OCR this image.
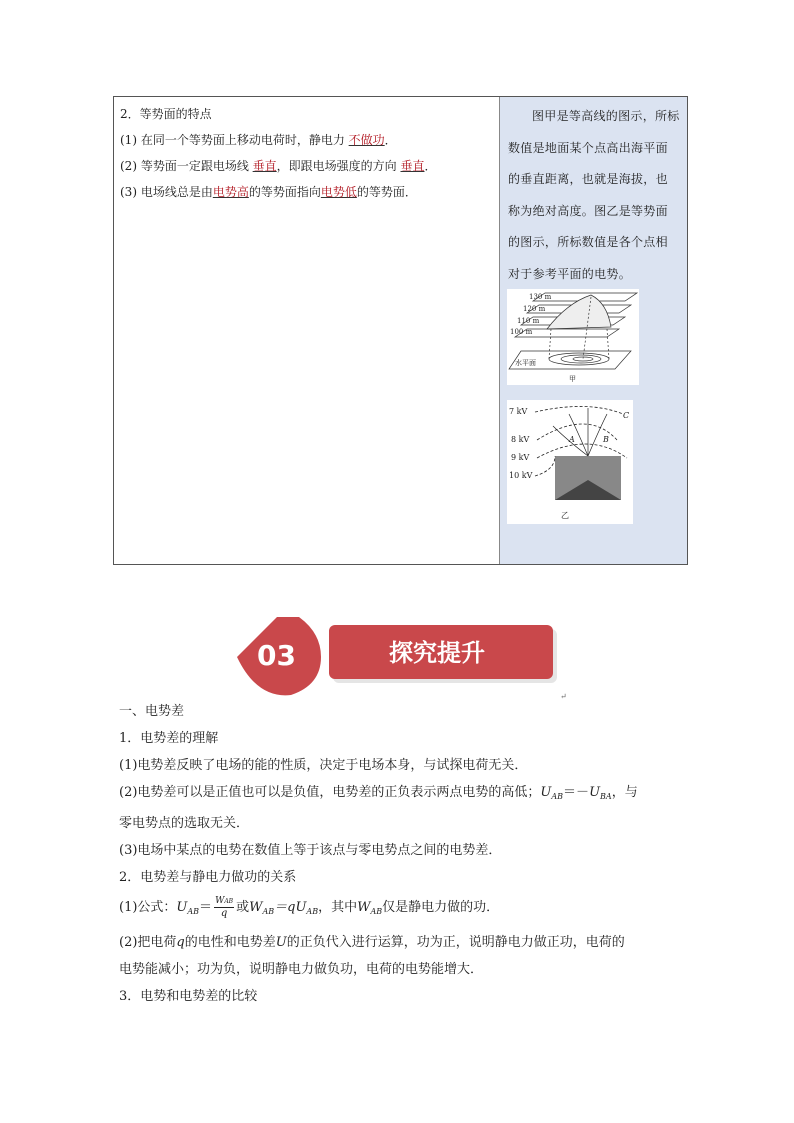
2．等势面的特点
(1) 在同一个等势面上移动电荷时，静电力 不做功．
(2) 等势面一定跟电场线 垂直，即跟电场强度的方向 垂直．
(3) 电场线总是由电势高的等势面指向电势低的等势面．
图甲是等高线的图示，所标数值是地面某个点高出海平面的垂直距离，也就是海拔，也称为绝对高度。图乙是等势面的图示，所标数值是各个点相对于参考平面的电势。
130 m
120 m
110 m
100 m
水平面
甲
7 kV
8 kV
9 kV
10 kV
A	B
C
乙
03	探究提升
↵
一、电势差
1．电势差的理解
(1)电势差反映了电场的能的性质，决定于电场本身，与试探电荷无关．
(2)电势差可以是正值也可以是负值，电势差的正负表示两点电势的高低；$U_{AB}=-U_{BA}$，与
零电势点的选取无关．
(3)电场中某点的电势在数值上等于该点与零电势点之间的电势差．
2．电势差与静电力做功的关系
(1)公式：$U_{AB}= \frac{\text{WAB}}{q}$ 或$W_{AB}=qU_{AB}$，其中$W_{AB}$仅是静电力做的功．
(2)把电荷q的电性和电势差U的正负代入进行运算，功为正，说明静电力做正功，电荷的
电势能减小；功为负，说明静电力做负功，电荷的电势能增大．
3．电势和电势差的比较
